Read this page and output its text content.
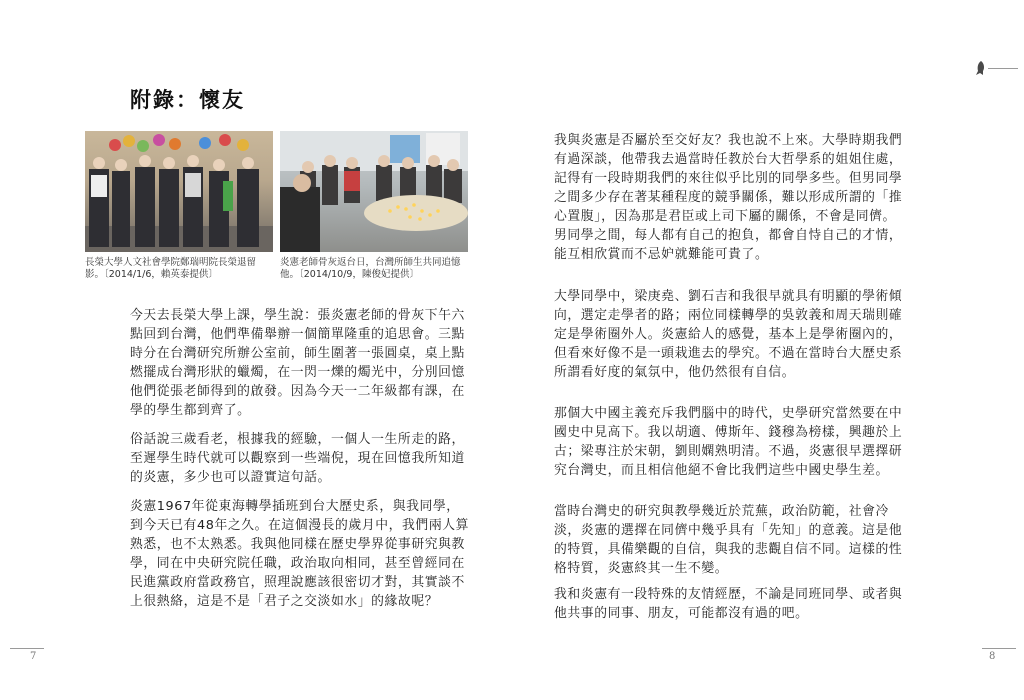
附錄：懷友
長榮大學人文社會學院鄭瑞明院長榮退留影。〔2014/1/6，賴英泰提供〕
炎憲老師骨灰返台日，台灣所師生共同追憶他。〔2014/10/9，陳俊妃提供〕

今天去長榮大學上課，學生說：張炎憲老師的骨灰下午六點回到台灣，他們準備舉辦一個簡單隆重的追思會。三點時分在台灣研究所辦公室前，師生圍著一張圓桌，桌上點燃擺成台灣形狀的蠟燭，在一閃一爍的燭光中，分別回憶他們從張老師得到的啟發。因為今天一二年級都有課，在學的學生都到齊了。

俗話說三歲看老，根據我的經驗，一個人一生所走的路，至遲學生時代就可以觀察到一些端倪，現在回憶我所知道的炎憲，多少也可以證實這句話。

炎憲1967年從東海轉學插班到台大歷史系，與我同學，到今天已有48年之久。在這個漫長的歲月中，我們兩人算熟悉，也不太熟悉。我與他同樣在歷史學界從事研究與教學，同在中央研究院任職，政治取向相同，甚至曾經同在民進黨政府當政務官，照理說應該很密切才對，其實談不上很熱絡，這是不是「君子之交淡如水」的緣故呢？

7

我與炎憲是否屬於至交好友？我也說不上來。大學時期我們有過深談，他帶我去過當時任教於台大哲學系的姐姐住處，記得有一段時期我們的來往似乎比別的同學多些。但男同學之間多少存在著某種程度的競爭關係，難以形成所謂的「推心置腹」，因為那是君臣或上司下屬的關係，不會是同儕。男同學之間，每人都有自己的抱負，都會自恃自己的才情，能互相欣賞而不忌妒就難能可貴了。

大學同學中，梁庚堯、劉石吉和我很早就具有明顯的學術傾向，選定走學者的路；兩位同樣轉學的吳敦義和周天瑞則確定是學術圈外人。炎憲給人的感覺，基本上是學術圈內的，但看來好像不是一頭栽進去的學究。不過在當時台大歷史系所謂看好度的氣氛中，他仍然很有自信。

那個大中國主義充斥我們腦中的時代，史學研究當然要在中國史中見高下。我以胡適、傅斯年、錢穆為榜樣，興趣於上古；梁專注於宋朝，劉則嫻熟明清。不過，炎憲很早選擇研究台灣史，而且相信他絕不會比我們這些中國史學生差。

當時台灣史的研究與教學幾近於荒蕪，政治防範，社會冷淡，炎憲的選擇在同儕中幾乎具有「先知」的意義。這是他的特質，具備樂觀的自信，與我的悲觀自信不同。這樣的性格特質，炎憲終其一生不變。

我和炎憲有一段特殊的友情經歷，不論是同班同學、或者與他共事的同事、朋友，可能都沒有過的吧。

8
